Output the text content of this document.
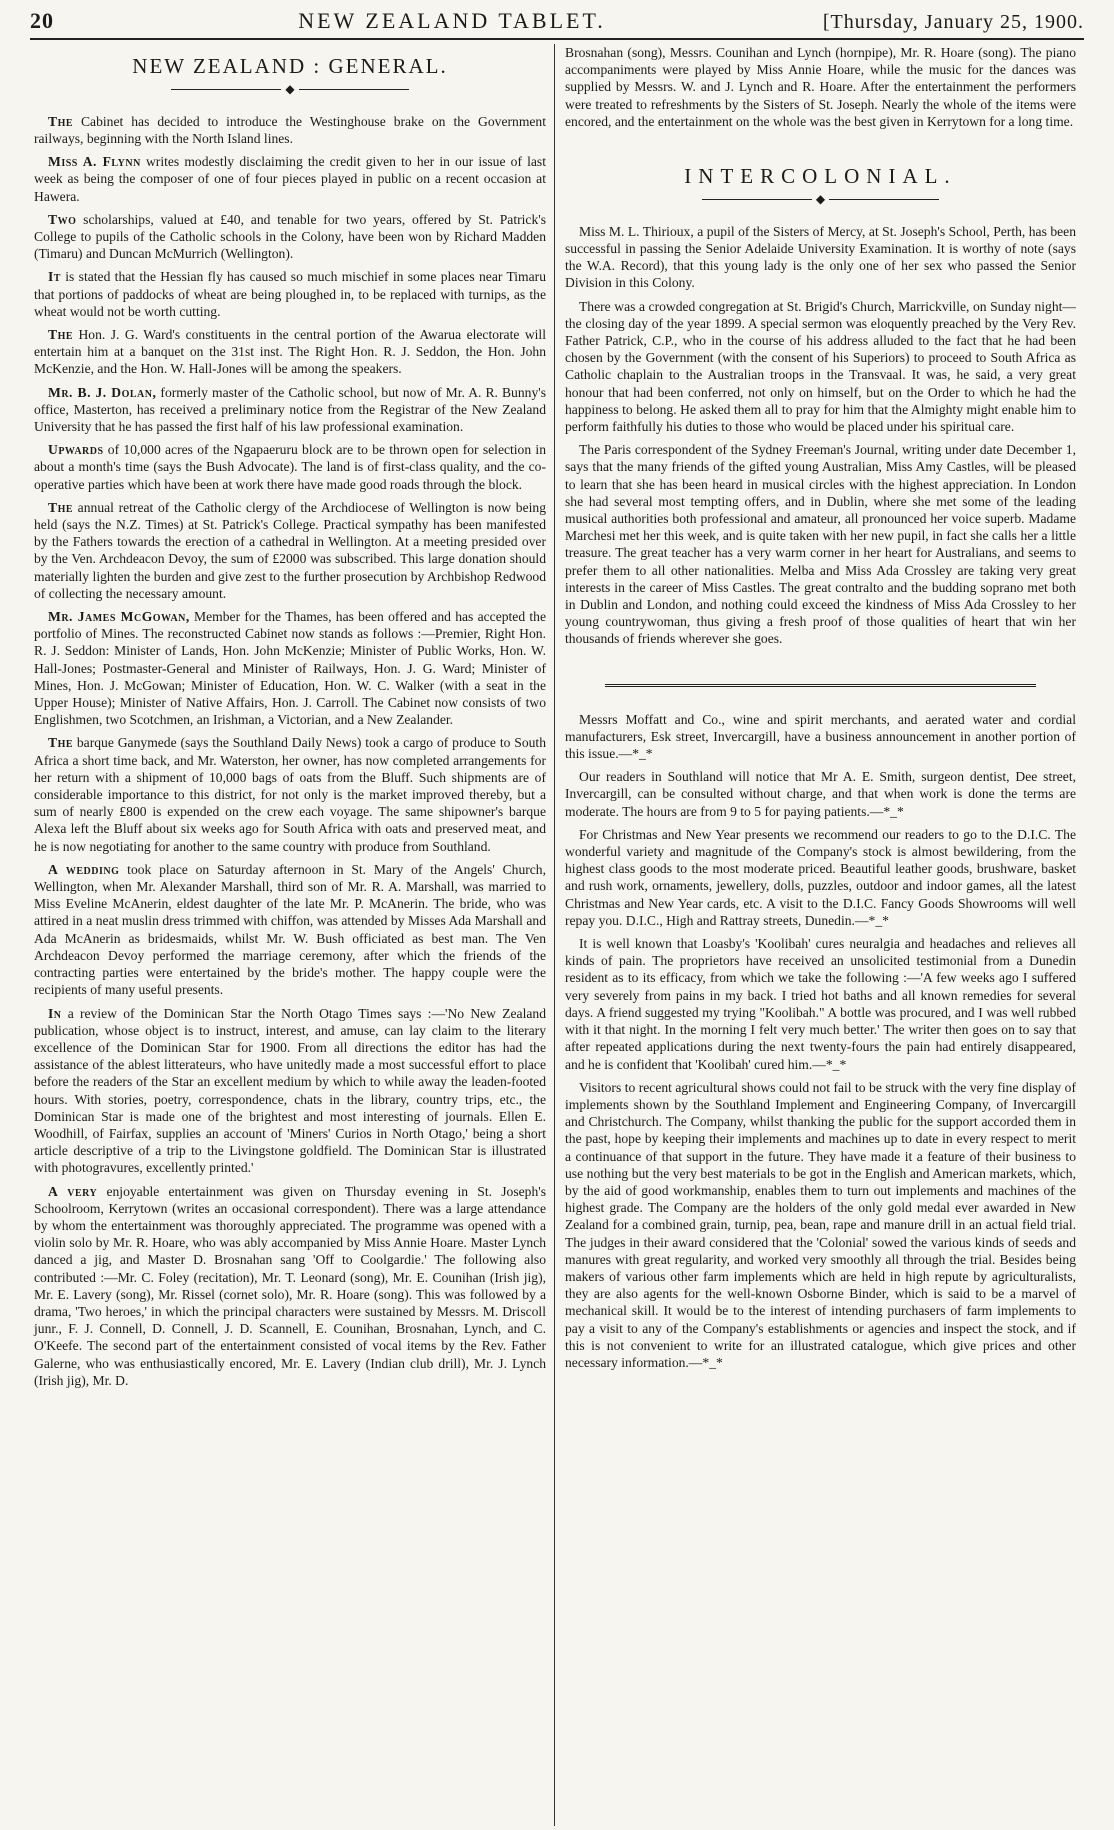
20	NEW ZEALAND TABLET.	[Thursday, January 25, 1900.
NEW ZEALAND : GENERAL.
◆

The Cabinet has decided to introduce the Westinghouse brake on the Government railways, beginning with the North Island lines.

Miss A. Flynn writes modestly disclaiming the credit given to her in our issue of last week as being the composer of one of four pieces played in public on a recent occasion at Hawera.

Two scholarships, valued at £40, and tenable for two years, offered by St. Patrick's College to pupils of the Catholic schools in the Colony, have been won by Richard Madden (Timaru) and Duncan McMurrich (Wellington).

It is stated that the Hessian fly has caused so much mischief in some places near Timaru that portions of paddocks of wheat are being ploughed in, to be replaced with turnips, as the wheat would not be worth cutting.

The Hon. J. G. Ward's constituents in the central portion of the Awarua electorate will entertain him at a banquet on the 31st inst. The Right Hon. R. J. Seddon, the Hon. John McKenzie, and the Hon. W. Hall-Jones will be among the speakers.

Mr. B. J. Dolan, formerly master of the Catholic school, but now of Mr. A. R. Bunny's office, Masterton, has received a preliminary notice from the Registrar of the New Zealand University that he has passed the first half of his law professional examination.

Upwards of 10,000 acres of the Ngapaeruru block are to be thrown open for selection in about a month's time (says the Bush Advocate). The land is of first-class quality, and the co-operative parties which have been at work there have made good roads through the block.

The annual retreat of the Catholic clergy of the Archdiocese of Wellington is now being held (says the N.Z. Times) at St. Patrick's College. Practical sympathy has been manifested by the Fathers towards the erection of a cathedral in Wellington. At a meeting presided over by the Ven. Archdeacon Devoy, the sum of £2000 was subscribed. This large donation should materially lighten the burden and give zest to the further prosecution by Archbishop Redwood of collecting the necessary amount.

Mr. James McGowan, Member for the Thames, has been offered and has accepted the portfolio of Mines. The reconstructed Cabinet now stands as follows :—Premier, Right Hon. R. J. Seddon: Minister of Lands, Hon. John McKenzie; Minister of Public Works, Hon. W. Hall-Jones; Postmaster-General and Minister of Railways, Hon. J. G. Ward; Minister of Mines, Hon. J. McGowan; Minister of Education, Hon. W. C. Walker (with a seat in the Upper House); Minister of Native Affairs, Hon. J. Carroll. The Cabinet now consists of two Englishmen, two Scotchmen, an Irishman, a Victorian, and a New Zealander.

The barque Ganymede (says the Southland Daily News) took a cargo of produce to South Africa a short time back, and Mr. Waterston, her owner, has now completed arrangements for her return with a shipment of 10,000 bags of oats from the Bluff. Such shipments are of considerable importance to this district, for not only is the market improved thereby, but a sum of nearly £800 is expended on the crew each voyage. The same shipowner's barque Alexa left the Bluff about six weeks ago for South Africa with oats and preserved meat, and he is now negotiating for another to the same country with produce from Southland.

A wedding took place on Saturday afternoon in St. Mary of the Angels' Church, Wellington, when Mr. Alexander Marshall, third son of Mr. R. A. Marshall, was married to Miss Eveline McAnerin, eldest daughter of the late Mr. P. McAnerin. The bride, who was attired in a neat muslin dress trimmed with chiffon, was attended by Misses Ada Marshall and Ada McAnerin as bridesmaids, whilst Mr. W. Bush officiated as best man. The Ven Archdeacon Devoy performed the marriage ceremony, after which the friends of the contracting parties were entertained by the bride's mother. The happy couple were the recipients of many useful presents.

In a review of the Dominican Star the North Otago Times says :—'No New Zealand publication, whose object is to instruct, interest, and amuse, can lay claim to the literary excellence of the Dominican Star for 1900. From all directions the editor has had the assistance of the ablest litterateurs, who have unitedly made a most successful effort to place before the readers of the Star an excellent medium by which to while away the leaden-footed hours. With stories, poetry, correspondence, chats in the library, country trips, etc., the Dominican Star is made one of the brightest and most interesting of journals. Ellen E. Woodhill, of Fairfax, supplies an account of 'Miners' Curios in North Otago,' being a short article descriptive of a trip to the Livingstone goldfield. The Dominican Star is illustrated with photogravures, excellently printed.'

A very enjoyable entertainment was given on Thursday evening in St. Joseph's Schoolroom, Kerrytown (writes an occasional correspondent). There was a large attendance by whom the entertainment was thoroughly appreciated. The programme was opened with a violin solo by Mr. R. Hoare, who was ably accompanied by Miss Annie Hoare. Master Lynch danced a jig, and Master D. Brosnahan sang 'Off to Coolgardie.' The following also contributed :—Mr. C. Foley (recitation), Mr. T. Leonard (song), Mr. E. Counihan (Irish jig), Mr. E. Lavery (song), Mr. Rissel (cornet solo), Mr. R. Hoare (song). This was followed by a drama, 'Two heroes,' in which the principal characters were sustained by Messrs. M. Driscoll junr., F. J. Connell, D. Connell, J. D. Scannell, E. Counihan, Brosnahan, Lynch, and C. O'Keefe. The second part of the entertainment consisted of vocal items by the Rev. Father Galerne, who was enthusiastically encored, Mr. E. Lavery (Indian club drill), Mr. J. Lynch (Irish jig), Mr. D.

Brosnahan (song), Messrs. Counihan and Lynch (hornpipe), Mr. R. Hoare (song). The piano accompaniments were played by Miss Annie Hoare, while the music for the dances was supplied by Messrs. W. and J. Lynch and R. Hoare. After the entertainment the performers were treated to refreshments by the Sisters of St. Joseph. Nearly the whole of the items were encored, and the entertainment on the whole was the best given in Kerrytown for a long time.

INTERCOLONIAL.
◆

Miss M. L. Thirioux, a pupil of the Sisters of Mercy, at St. Joseph's School, Perth, has been successful in passing the Senior Adelaide University Examination. It is worthy of note (says the W.A. Record), that this young lady is the only one of her sex who passed the Senior Division in this Colony.

There was a crowded congregation at St. Brigid's Church, Marrickville, on Sunday night—the closing day of the year 1899. A special sermon was eloquently preached by the Very Rev. Father Patrick, C.P., who in the course of his address alluded to the fact that he had been chosen by the Government (with the consent of his Superiors) to proceed to South Africa as Catholic chaplain to the Australian troops in the Transvaal. It was, he said, a very great honour that had been conferred, not only on himself, but on the Order to which he had the happiness to belong. He asked them all to pray for him that the Almighty might enable him to perform faithfully his duties to those who would be placed under his spiritual care.

The Paris correspondent of the Sydney Freeman's Journal, writing under date December 1, says that the many friends of the gifted young Australian, Miss Amy Castles, will be pleased to learn that she has been heard in musical circles with the highest appreciation. In London she had several most tempting offers, and in Dublin, where she met some of the leading musical authorities both professional and amateur, all pronounced her voice superb. Madame Marchesi met her this week, and is quite taken with her new pupil, in fact she calls her a little treasure. The great teacher has a very warm corner in her heart for Australians, and seems to prefer them to all other nationalities. Melba and Miss Ada Crossley are taking very great interests in the career of Miss Castles. The great contralto and the budding soprano met both in Dublin and London, and nothing could exceed the kindness of Miss Ada Crossley to her young countrywoman, thus giving a fresh proof of those qualities of heart that win her thousands of friends wherever she goes.

Messrs Moffatt and Co., wine and spirit merchants, and aerated water and cordial manufacturers, Esk street, Invercargill, have a business announcement in another portion of this issue.—*_*

Our readers in Southland will notice that Mr A. E. Smith, surgeon dentist, Dee street, Invercargill, can be consulted without charge, and that when work is done the terms are moderate. The hours are from 9 to 5 for paying patients.—*_*

For Christmas and New Year presents we recommend our readers to go to the D.I.C. The wonderful variety and magnitude of the Company's stock is almost bewildering, from the highest class goods to the most moderate priced. Beautiful leather goods, brushware, basket and rush work, ornaments, jewellery, dolls, puzzles, outdoor and indoor games, all the latest Christmas and New Year cards, etc. A visit to the D.I.C. Fancy Goods Showrooms will well repay you. D.I.C., High and Rattray streets, Dunedin.—*_*

It is well known that Loasby's 'Koolibah' cures neuralgia and headaches and relieves all kinds of pain. The proprietors have received an unsolicited testimonial from a Dunedin resident as to its efficacy, from which we take the following :—'A few weeks ago I suffered very severely from pains in my back. I tried hot baths and all known remedies for several days. A friend suggested my trying "Koolibah." A bottle was procured, and I was well rubbed with it that night. In the morning I felt very much better.' The writer then goes on to say that after repeated applications during the next twenty-fours the pain had entirely disappeared, and he is confident that 'Koolibah' cured him.—*_*

Visitors to recent agricultural shows could not fail to be struck with the very fine display of implements shown by the Southland Implement and Engineering Company, of Invercargill and Christchurch. The Company, whilst thanking the public for the support accorded them in the past, hope by keeping their implements and machines up to date in every respect to merit a continuance of that support in the future. They have made it a feature of their business to use nothing but the very best materials to be got in the English and American markets, which, by the aid of good workmanship, enables them to turn out implements and machines of the highest grade. The Company are the holders of the only gold medal ever awarded in New Zealand for a combined grain, turnip, pea, bean, rape and manure drill in an actual field trial. The judges in their award considered that the 'Colonial' sowed the various kinds of seeds and manures with great regularity, and worked very smoothly all through the trial. Besides being makers of various other farm implements which are held in high repute by agriculturalists, they are also agents for the well-known Osborne Binder, which is said to be a marvel of mechanical skill. It would be to the interest of intending purchasers of farm implements to pay a visit to any of the Company's establishments or agencies and inspect the stock, and if this is not convenient to write for an illustrated catalogue, which give prices and other necessary information.—*_*
